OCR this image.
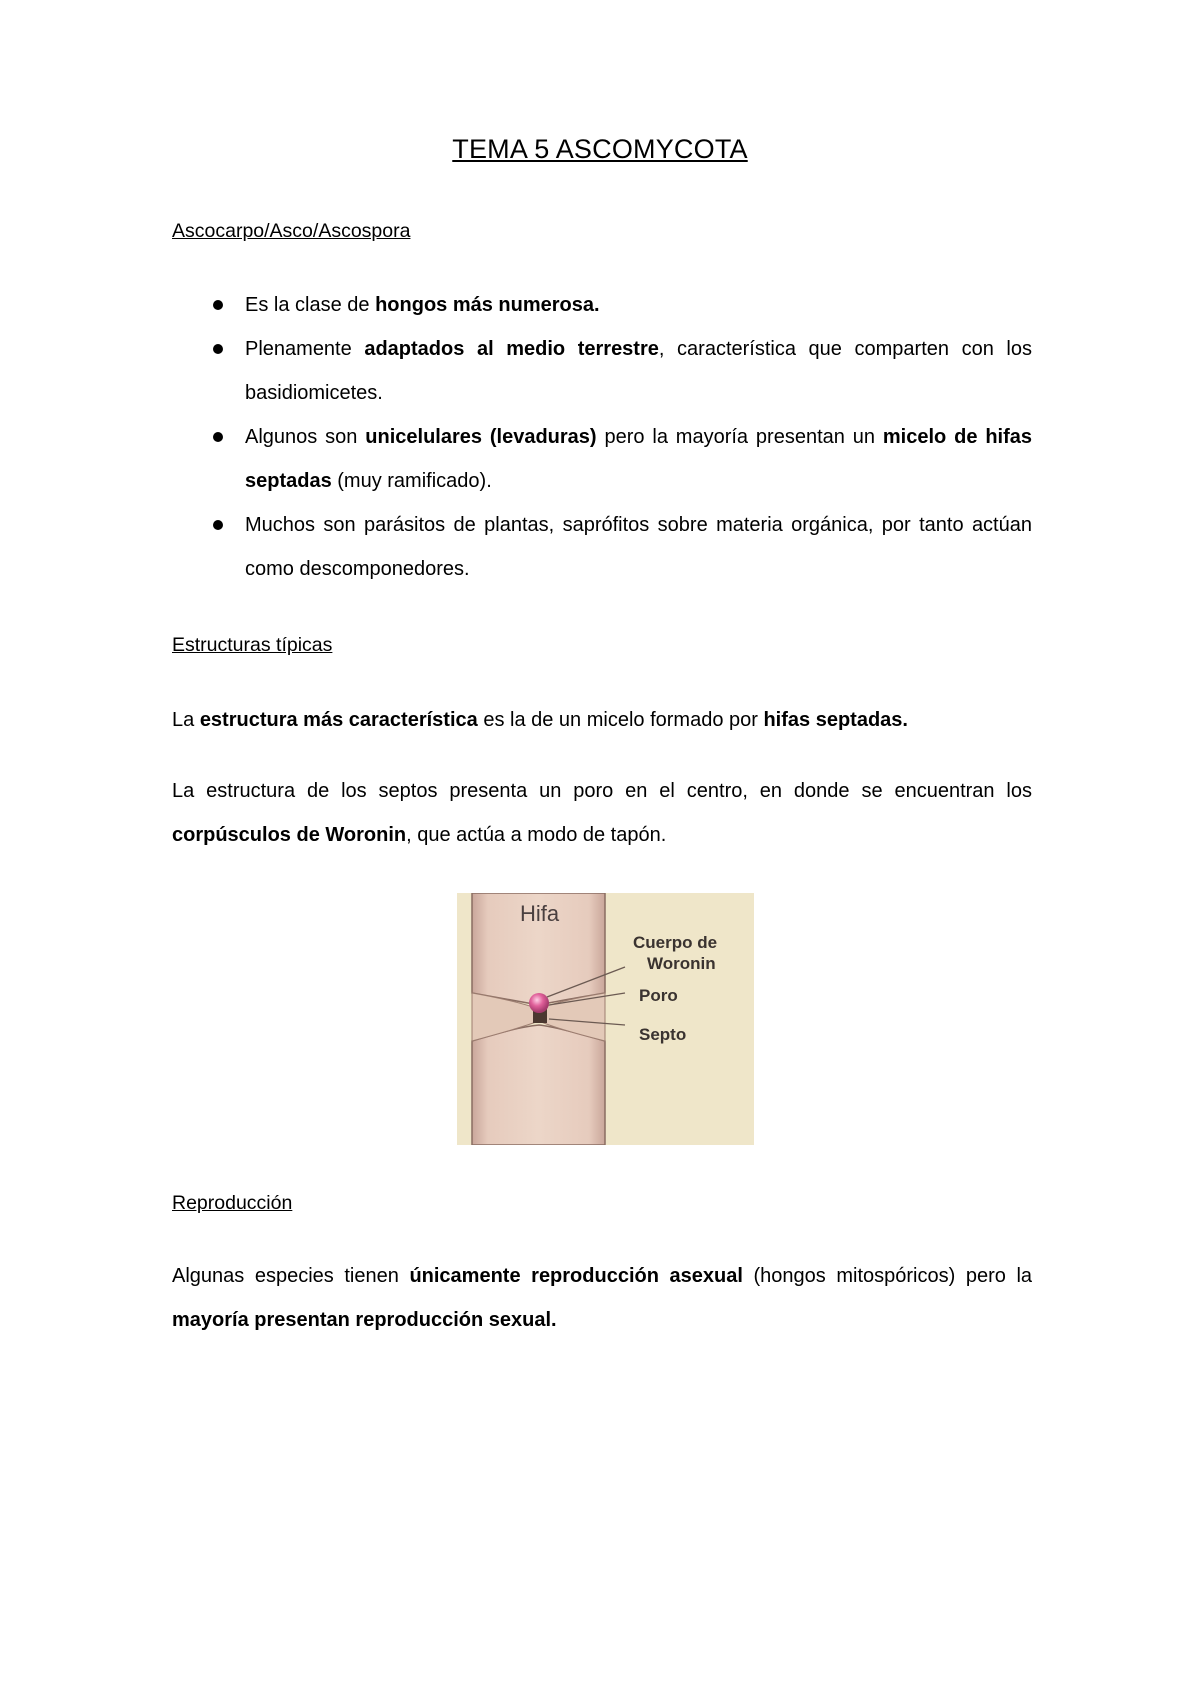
TEMA 5 ASCOMYCOTA
Ascocarpo/Asco/Ascospora
Es la clase de hongos más numerosa.
Plenamente adaptados al medio terrestre, característica que comparten con los basidiomicetes.
Algunos son unicelulares (levaduras) pero la mayoría presentan un micelo de hifas septadas (muy ramificado).
Muchos son parásitos de plantas, saprófitos sobre materia orgánica, por tanto actúan como descomponedores.
Estructuras típicas

La estructura más característica es la de un micelo formado por hifas septadas.

La estructura de los septos presenta un poro en el centro, en donde se encuentran los corpúsculos de Woronin, que actúa a modo de tapón.

Hifa
Cuerpo de
Woronin
Poro
Septo
Reproducción

Algunas especies tienen únicamente reproducción asexual (hongos mitospóricos) pero la mayoría presentan reproducción sexual.
